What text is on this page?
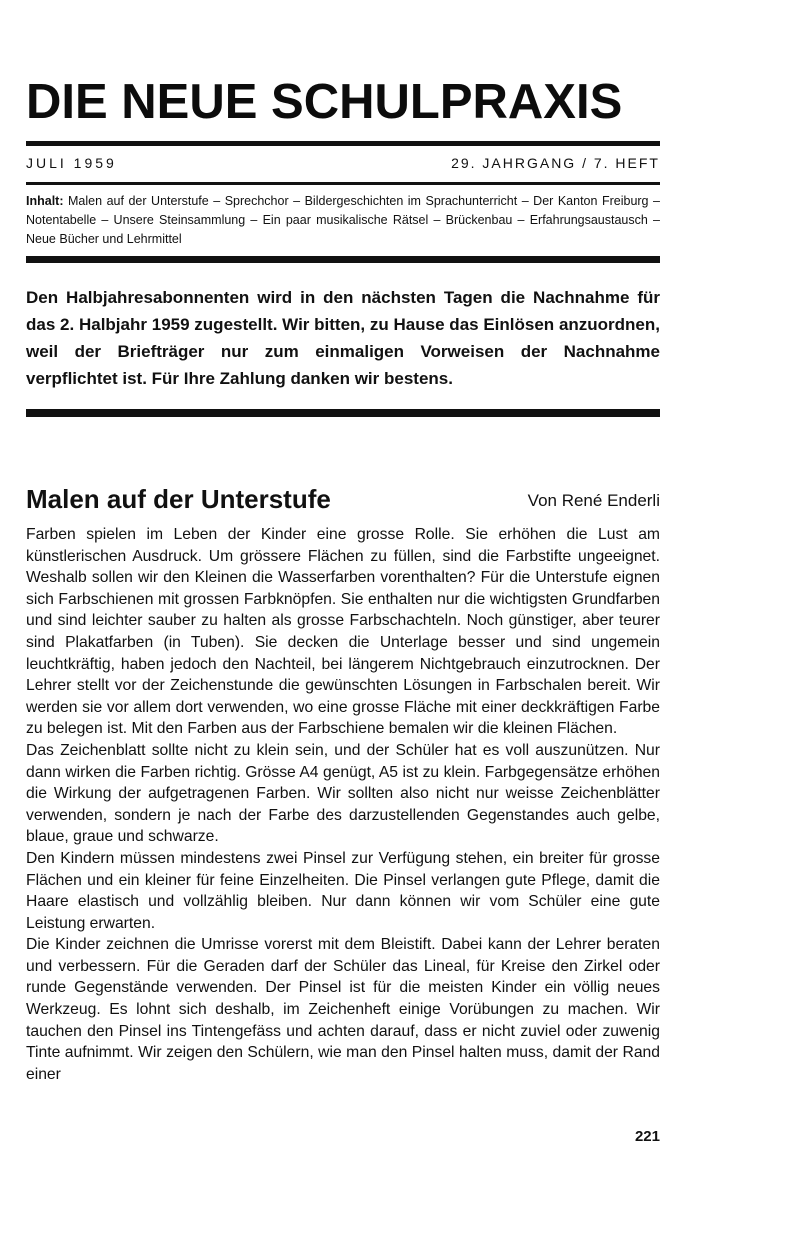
DIE NEUE SCHULPRAXIS
JULI 1959	29. JAHRGANG / 7. HEFT
Inhalt: Malen auf der Unterstufe – Sprechchor – Bildergeschichten im Sprachunterricht – Der Kanton Freiburg – Notentabelle – Unsere Steinsammlung – Ein paar musikalische Rätsel – Brückenbau – Erfahrungsaustausch – Neue Bücher und Lehrmittel
Den Halbjahresabonnenten wird in den nächsten Tagen die Nachnahme für das 2. Halbjahr 1959 zugestellt. Wir bitten, zu Hause das Einlösen anzuordnen, weil der Briefträger nur zum einmaligen Vorweisen der Nachnahme verpflichtet ist. Für Ihre Zahlung danken wir bestens.
Malen auf der Unterstufe	Von René Enderli

Farben spielen im Leben der Kinder eine grosse Rolle. Sie erhöhen die Lust am künstlerischen Ausdruck. Um grössere Flächen zu füllen, sind die Farbstifte ungeeignet. Weshalb sollen wir den Kleinen die Wasserfarben vorenthalten? Für die Unterstufe eignen sich Farbschienen mit grossen Farbknöpfen. Sie enthalten nur die wichtigsten Grundfarben und sind leichter sauber zu halten als grosse Farbschachteln. Noch günstiger, aber teurer sind Plakatfarben (in Tuben). Sie decken die Unterlage besser und sind ungemein leuchtkräftig, haben jedoch den Nachteil, bei längerem Nichtgebrauch einzutrocknen. Der Lehrer stellt vor der Zeichenstunde die gewünschten Lösungen in Farbschalen bereit. Wir werden sie vor allem dort verwenden, wo eine grosse Fläche mit einer deckkräftigen Farbe zu belegen ist. Mit den Farben aus der Farbschiene bemalen wir die kleinen Flächen.

Das Zeichenblatt sollte nicht zu klein sein, und der Schüler hat es voll auszunützen. Nur dann wirken die Farben richtig. Grösse A4 genügt, A5 ist zu klein. Farbgegensätze erhöhen die Wirkung der aufgetragenen Farben. Wir sollten also nicht nur weisse Zeichenblätter verwenden, sondern je nach der Farbe des darzustellenden Gegenstandes auch gelbe, blaue, graue und schwarze.

Den Kindern müssen mindestens zwei Pinsel zur Verfügung stehen, ein breiter für grosse Flächen und ein kleiner für feine Einzelheiten. Die Pinsel verlangen gute Pflege, damit die Haare elastisch und vollzählig bleiben. Nur dann können wir vom Schüler eine gute Leistung erwarten.

Die Kinder zeichnen die Umrisse vorerst mit dem Bleistift. Dabei kann der Lehrer beraten und verbessern. Für die Geraden darf der Schüler das Lineal, für Kreise den Zirkel oder runde Gegenstände verwenden. Der Pinsel ist für die meisten Kinder ein völlig neues Werkzeug. Es lohnt sich deshalb, im Zeichenheft einige Vorübungen zu machen. Wir tauchen den Pinsel ins Tintengefäss und achten darauf, dass er nicht zuviel oder zuwenig Tinte aufnimmt. Wir zeigen den Schülern, wie man den Pinsel halten muss, damit der Rand einer

221
